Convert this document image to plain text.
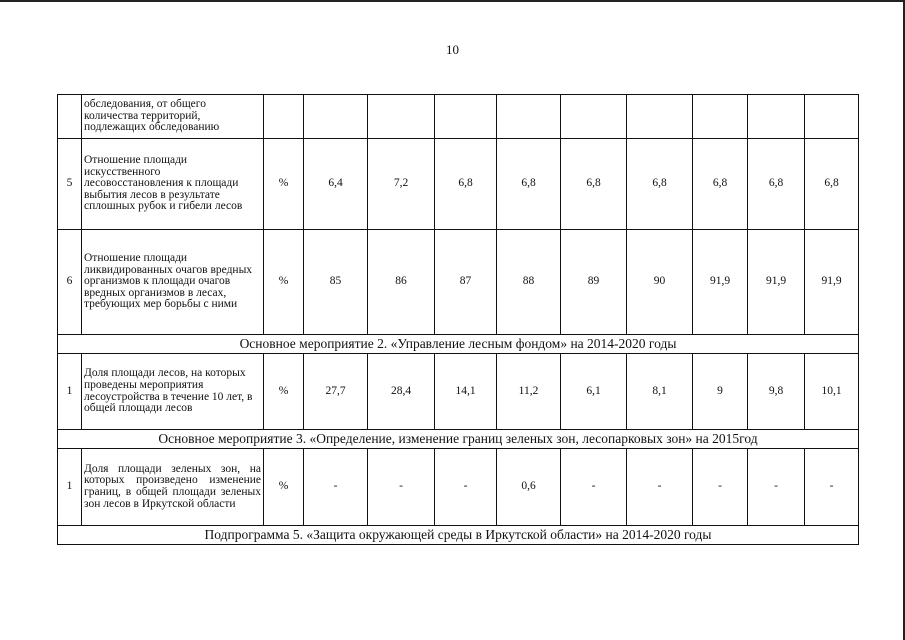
10
	обследования, от общего количества территорий, подлежащих обследованию										
5	Отношение площади искусственного лесовосстановления к площади выбытия лесов в результате сплошных рубок и гибели лесов	%	6,4	7,2	6,8	6,8	6,8	6,8	6,8	6,8	6,8
6	Отношение площади ликвидированных очагов вредных организмов к площади очагов вредных организмов в лесах, требующих мер борьбы с ними	%	85	86	87	88	89	90	91,9	91,9	91,9
Основное мероприятие 2. «Управление лесным фондом» на 2014-2020 годы											
1	Доля площади лесов, на которых проведены мероприятия лесоустройства в течение 10 лет, в общей площади лесов	%	27,7	28,4	14,1	11,2	6,1	8,1	9	9,8	10,1
Основное мероприятие 3. «Определение, изменение границ зеленых зон, лесопарковых зон» на 2015год											
1	Доля площади зеленых зон, на которых произведено изменение границ, в общей площади зеленых зон лесов в Иркутской области	%	-	-	-	0,6	-	-	-	-	-
Подпрограмма 5. «Защита окружающей среды в Иркутской области» на 2014-2020 годы											
